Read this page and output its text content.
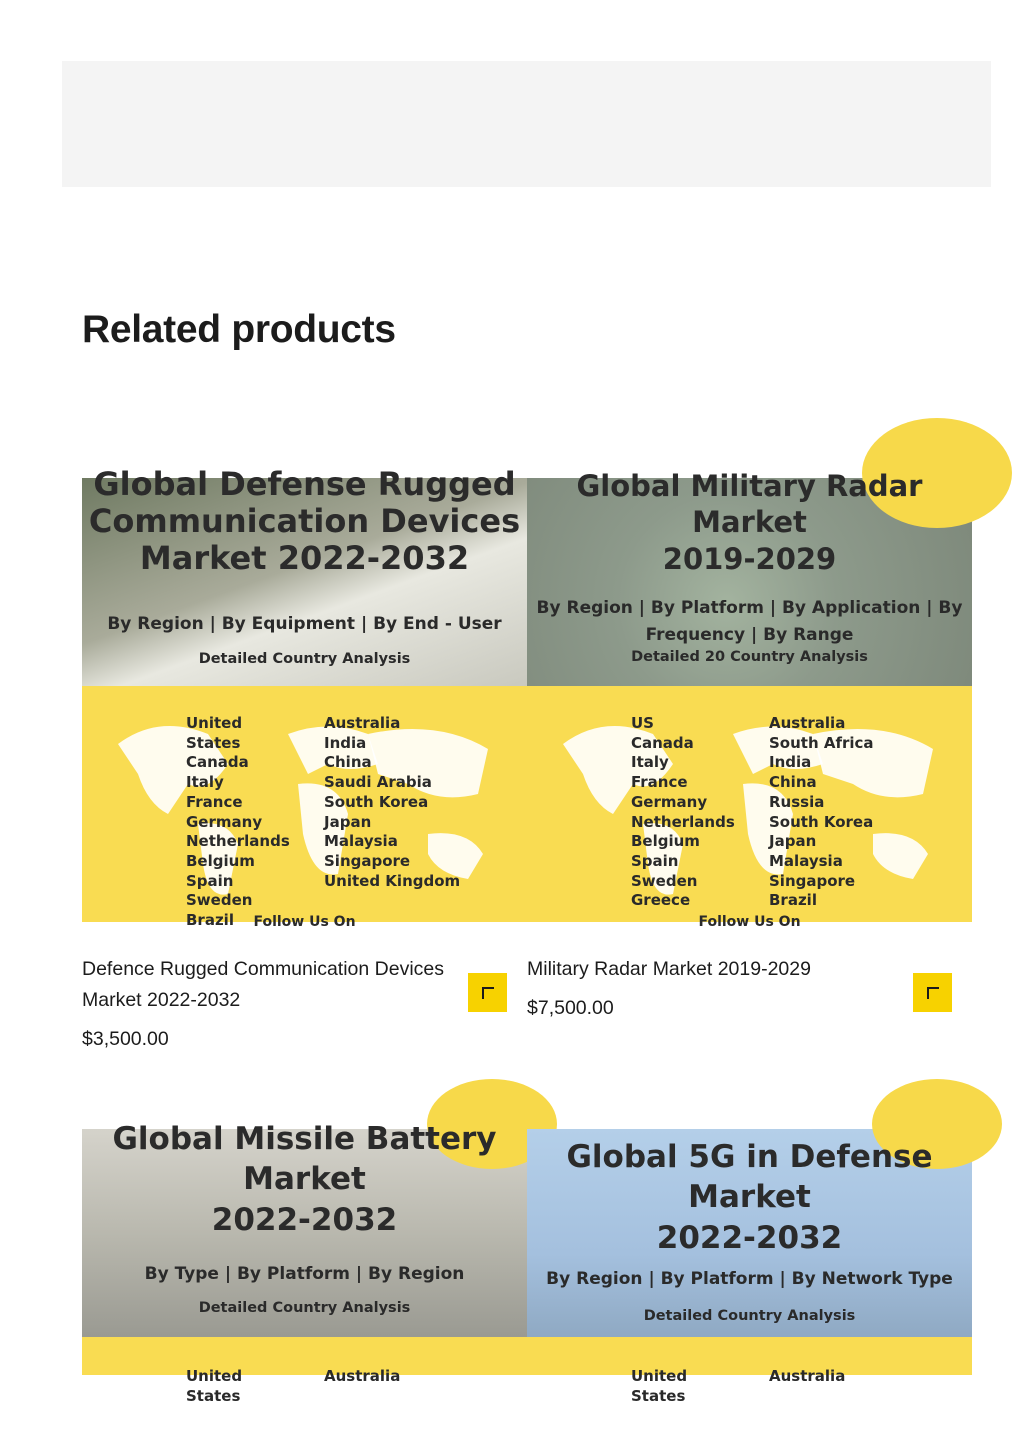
Related products
Global Defense Rugged
Communication Devices
Market 2022-2032
By Region | By Equipment | By End - User
Detailed Country Analysis
United States
Canada
Italy
France
Germany
Netherlands
Belgium
Spain
Sweden
Brazil
Australia
India
China
Saudi Arabia
South Korea
Japan
Malaysia
Singapore
United Kingdom
Follow Us On
Defence Rugged Communication Devices Market 2022-2032
$3,500.00
Global Military Radar
Market
2019-2029
By Region | By Platform | By Application | By
Frequency | By Range
Detailed 20 Country Analysis
US
Canada
Italy
France
Germany
Netherlands
Belgium
Spain
Sweden
Greece
Australia
South Africa
India
China
Russia
South Korea
Japan
Malaysia
Singapore
Brazil
Follow Us On
Military Radar Market 2019-2029
$7,500.00
Global Missile Battery
Market
2022-2032
By Type | By Platform | By Region
Detailed Country Analysis
United States
Australia
Global 5G in Defense
Market
2022-2032
By Region | By Platform | By Network Type
Detailed Country Analysis
United States
Australia
